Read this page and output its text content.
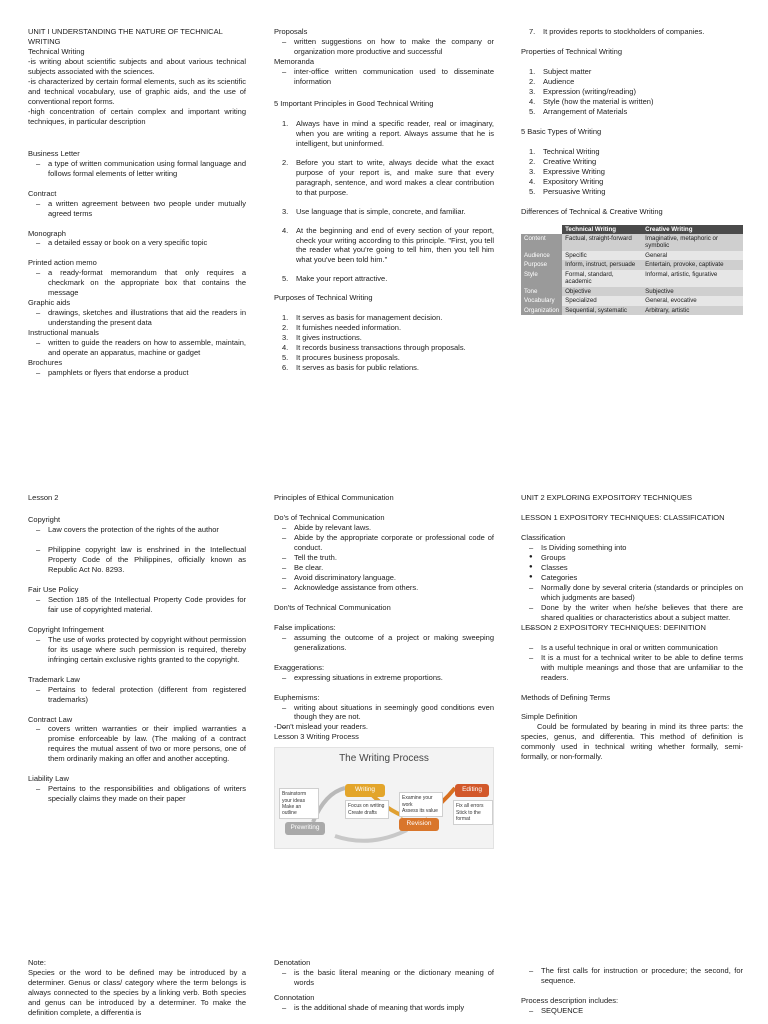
UNIT I UNDERSTANDING THE NATURE OF TECHNICAL WRITING

Technical Writing

-is writing about scientific subjects and about various technical subjects associated with the sciences.

-is characterized by certain formal elements, such as its scientific and technical vocabulary, use of graphic aids, and the use of conventional report forms.

-high concentration of certain complex and important writing techniques, in particular description

Business Letter

– a type of written communication using formal language and follows formal elements of letter writing

Contract

– a written agreement between two people under mutually agreed terms

Monograph

– a detailed essay or book on a very specific topic

Printed action memo

– a ready-format memorandum that only requires a checkmark on the appropriate box that contains the message

Graphic aids

– drawings, sketches and illustrations that aid the readers in understanding the present data

Instructional manuals

– written to guide the readers on how to assemble, maintain, and operate an apparatus, machine or gadget

Brochures

– pamphlets or flyers that endorse a product

Proposals

– written suggestions on how to make the company or organization more productive and successful

Memoranda

– inter-office written communication used to disseminate information

5 Important Principles in Good Technical Writing

1. Always have in mind a specific reader, real or imaginary, when you are writing a report. Always assume that he is intelligent, but uninformed.
2. Before you start to write, always decide what the exact purpose of your report is, and make sure that every paragraph, sentence, and word makes a clear contribution to that purpose.
3. Use language that is simple, concrete, and familiar.
4. At the beginning and end of every section of your report, check your writing according to this principle. "First, you tell the reader what you're going to tell him, then you tell him what you've been told him."
5. Make your report attractive.

Purposes of Technical Writing

1. It serves as basis for management decision.
2. It furnishes needed information.
3. It gives instructions.
4. It records business transactions through proposals.
5. It procures business proposals.
6. It serves as basis for public relations.
7. It provides reports to stockholders of companies.

Properties of Technical Writing

1. Subject matter
2. Audience
3. Expression (writing/reading)
4. Style (how the material is written)
5. Arrangement of Materials

5 Basic Types of Writing

1. Technical Writing
2. Creative Writing
3. Expressive Writing
4. Expository Writing
5. Persuasive Writing

Differences of Technical & Creative Writing

	Technical Writing	Creative Writing
Content	Factual, straight-forward	Imaginative, metaphoric or symbolic
Audience	Specific	General
Purpose	Inform, instruct, persuade	Entertain, provoke, captivate
Style	Formal, standard, academic	Informal, artistic, figurative
Tone	Objective	Subjective
Vocabulary	Specialized	General, evocative
Organization	Sequential, systematic	Arbitrary, artistic

Lesson 2

Copyright

– Law covers the protection of the rights of the author
– Philippine copyright law is enshrined in the Intellectual Property Code of the Philippines, officially known as Republic Act No. 8293.

Fair Use Policy

– Section 185 of the Intellectual Property Code provides for fair use of copyrighted material.

Copyright Infringement

– The use of works protected by copyright without permission for its usage where such permission is required, thereby infringing certain exclusive rights granted to the copyright.

Trademark Law

– Pertains to federal protection (different from registered trademarks)

Contract Law

– covers written warranties or their implied warranties a promise enforceable by law. (The making of a contract requires the mutual assent of two or more persons, one of them ordinarily making an offer and another accepting.

Liability Law

– Pertains to the responsibilities and obligations of writers specially claims they made on their paper

Principles of Ethical Communication

Do's of Technical Communication

– Abide by relevant laws.
– Abide by the appropriate corporate or professional code of conduct.
– Tell the truth.
– Be clear.
– Avoid discriminatory language.
– Acknowledge assistance from others.

Don'ts of Technical Communication

False implications:

– assuming the outcome of a project or making sweeping generalizations.

Exaggerations:

– expressing situations in extreme proportions.

Euphemisms:

– writing about situations in seemingly good conditions even though they are not.

-Don't mislead your readers.

Lesson 3 Writing Process

The Writing Process
Writing	Editing
Revision
Prewriting
Brainstorm your ideas
Make an outline
Focus on writing
Create drafts
Examine your work
Assess its value
Fix all errors
Stick to the format

UNIT 2 EXPLORING EXPOSITORY TECHNIQUES

LESSON 1 EXPOSITORY TECHNIQUES: CLASSIFICATION

Classification

– Is Dividing something into
● Groups
● Classes
● Categories
– Normally done by several criteria (standards or principles on which judgments are based)
– Done by the writer when he/she believes that there are shared qualities or characteristics about a subject matter.

LESSON 2 EXPOSITORY TECHNIQUES: DEFINITION

– Is a useful technique in oral or written communication
– It is a must for a technical writer to be able to define terms with multiple meanings and those that are unfamiliar to the readers.

Methods of Defining Terms

Simple Definition

Could be formulated by bearing in mind its three parts: the species, genus, and differentia. This method of definition is commonly used in technical writing whether formally, semi-formally, or non-formally.

Note:

Species or the word to be defined may be introduced by a determiner. Genus or class/ category where the term belongs is always connected to the species by a linking verb. Both species and genus can be introduced by a determiner. To make the definition complete, a differentia is

Denotation

– is the basic literal meaning or the dictionary meaning of words

Connotation

– is the additional shade of meaning that words imply
– The first calls for instruction or procedure; the second, for sequence.

Process description includes:

– SEQUENCE
